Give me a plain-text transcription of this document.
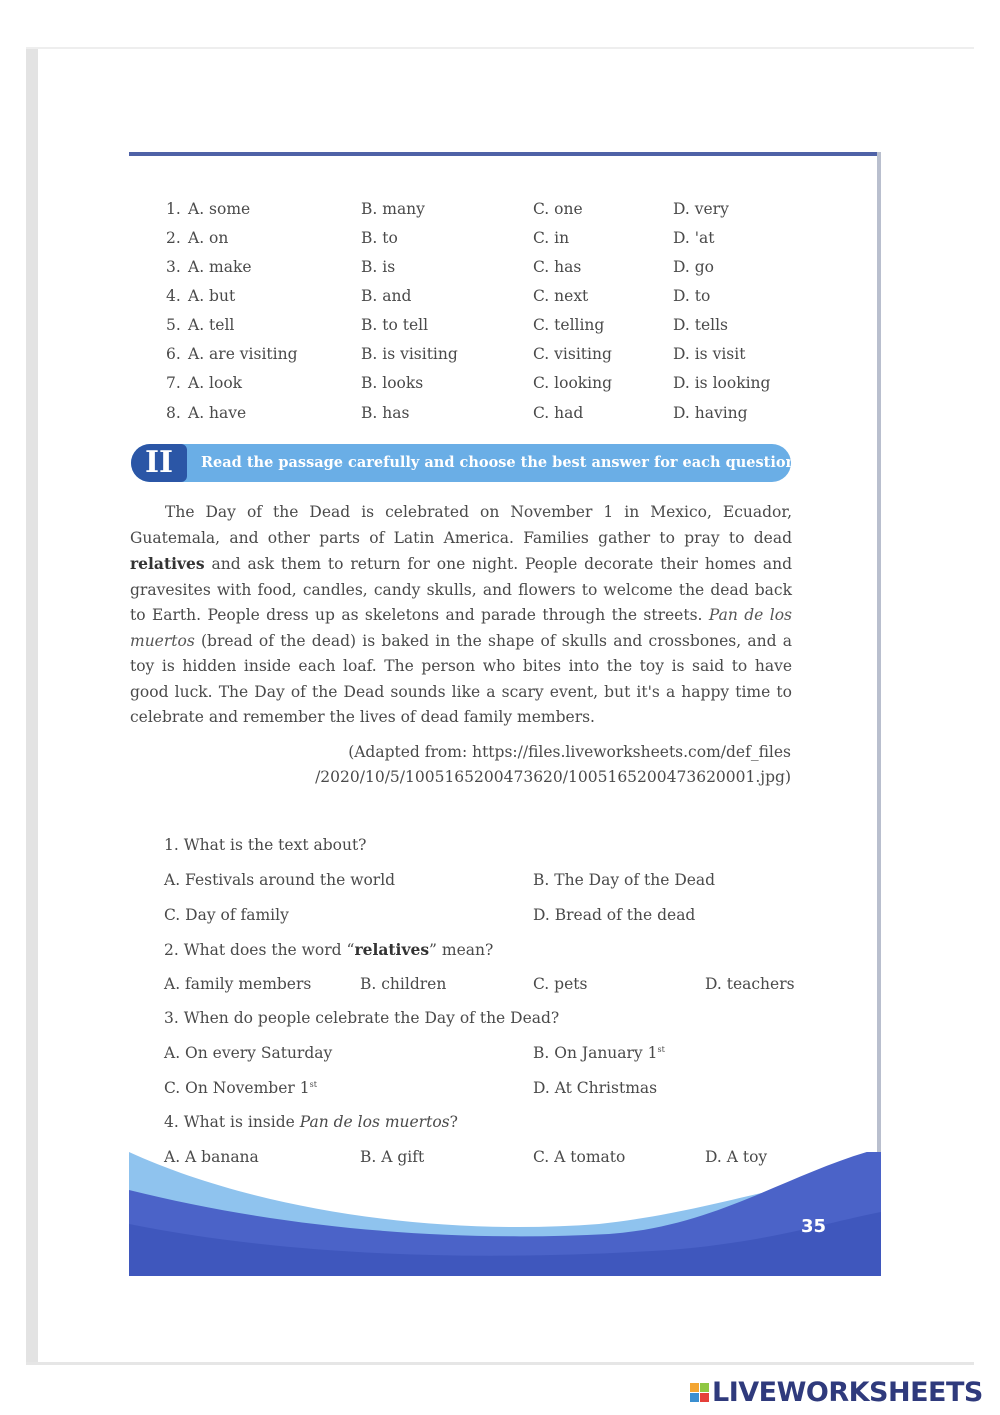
1. A. some	B. many	C. one	D. very
2. A. on	B. to	C. in	D. 'at
3. A. make	B. is	C. has	D. go
4. A. but	B. and	C. next	D. to
5. A. tell	B. to tell	C. telling	D. tells
6. A. are visiting	B. is visiting	C. visiting	D. is visit
7. A. look	B. looks	C. looking	D. is looking
8. A. have	B. has	C. had	D. having
II	Read the passage carefully and choose the best answer for each question.

The Day of the Dead is celebrated on November 1 in Mexico, Ecuador, Guatemala, and other parts of Latin America. Families gather to pray to dead relatives and ask them to return for one night. People decorate their homes and gravesites with food, candles, candy skulls, and flowers to welcome the dead back to Earth. People dress up as skeletons and parade through the streets. Pan de los muertos (bread of the dead) is baked in the shape of skulls and crossbones, and a toy is hidden inside each loaf. The person who bites into the toy is said to have good luck. The Day of the Dead sounds like a scary event, but it's a happy time to celebrate and remember the lives of dead family members.

(Adapted from: https://files.liveworksheets.com/def_files
/2020/10/5/1005165200473620/1005165200473620001.jpg)
1. What is the text about?
A. Festivals around the world	B. The Day of the Dead
C. Day of family	D. Bread of the dead
2. What does the word “relatives” mean?
A. family members	B. children	C. pets	D. teachers
3. When do people celebrate the Day of the Dead?
A. On every Saturday	B. On January 1st
C. On November 1st	D. At Christmas
4. What is inside Pan de los muertos?
A. A banana	B. A gift	C. A tomato	D. A toy
35
LIVEWORKSHEETS
